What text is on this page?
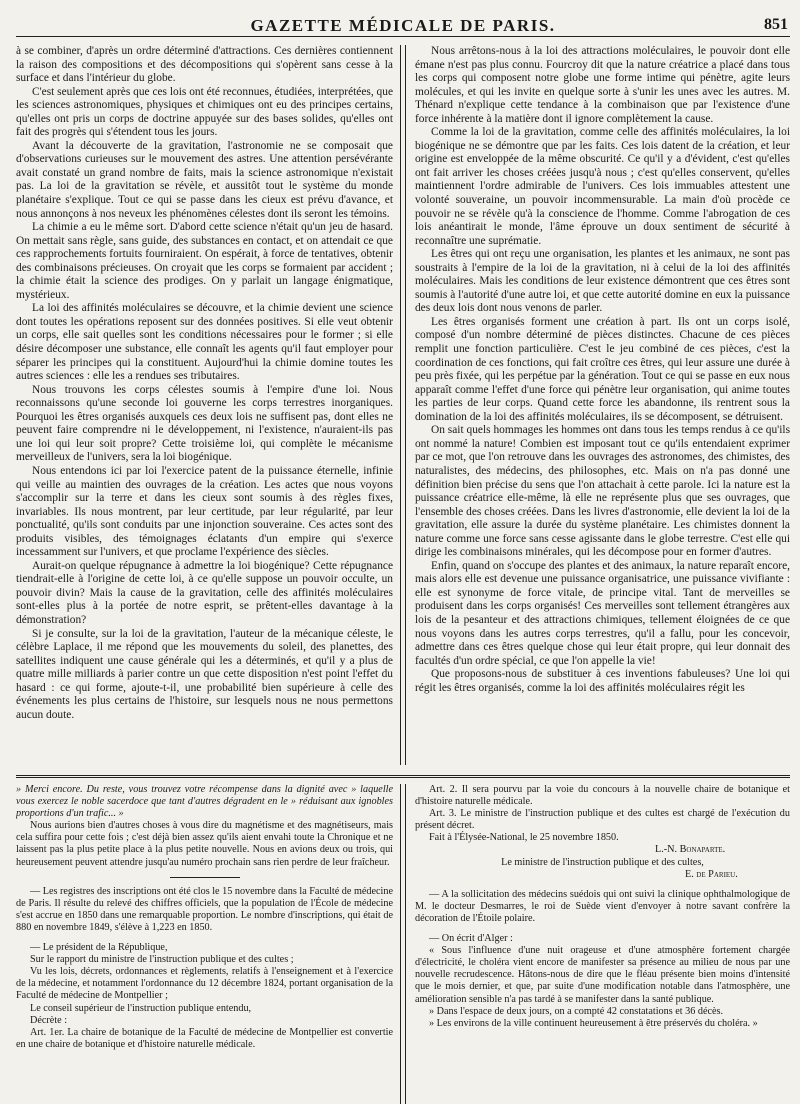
GAZETTE MÉDICALE DE PARIS.	851

à se combiner, d'après un ordre déterminé d'attractions. Ces dernières contiennent la raison des compositions et des décompositions qui s'opèrent sans cesse à la surface et dans l'intérieur du globe.

C'est seulement après que ces lois ont été reconnues, étudiées, interprétées, que les sciences astronomiques, physiques et chimiques ont eu des principes certains, qu'elles ont pris un corps de doctrine appuyée sur des bases solides, qu'elles ont fait des progrès qui s'étendent tous les jours.

Avant la découverte de la gravitation, l'astronomie ne se composait que d'observations curieuses sur le mouvement des astres. Une attention persévérante avait constaté un grand nombre de faits, mais la science astronomique n'existait pas. La loi de la gravitation se révèle, et aussitôt tout le système du monde planétaire s'explique. Tout ce qui se passe dans les cieux est prévu d'avance, et nous annonçons à nos neveux les phénomènes célestes dont ils seront les témoins.

La chimie a eu le même sort. D'abord cette science n'était qu'un jeu de hasard. On mettait sans règle, sans guide, des substances en contact, et on attendait ce que ces rapprochements fortuits fourniraient. On espérait, à force de tentatives, obtenir des combinaisons précieuses. On croyait que les corps se formaient par accident ; la chimie était la science des prodiges. On y parlait un langage énigmatique, mystérieux.

La loi des affinités moléculaires se découvre, et la chimie devient une science dont toutes les opérations reposent sur des données positives. Si elle veut obtenir un corps, elle sait quelles sont les conditions nécessaires pour le former ; si elle désire décomposer une substance, elle connaît les agents qu'il faut employer pour séparer les principes qui la constituent. Aujourd'hui la chimie domine toutes les autres sciences : elle les a rendues ses tributaires.

Nous trouvons les corps célestes soumis à l'empire d'une loi. Nous reconnaissons qu'une seconde loi gouverne les corps terrestres inorganiques. Pourquoi les êtres organisés auxquels ces deux lois ne suffisent pas, dont elles ne peuvent faire comprendre ni le développement, ni l'existence, n'auraient-ils pas une loi qui leur soit propre? Cette troisième loi, qui complète le mécanisme merveilleux de l'univers, sera la loi biogénique.

Nous entendons ici par loi l'exercice patent de la puissance éternelle, infinie qui veille au maintien des ouvrages de la création. Les actes que nous voyons s'accomplir sur la terre et dans les cieux sont soumis à des règles fixes, invariables. Ils nous montrent, par leur certitude, par leur régularité, par leur ponctualité, qu'ils sont conduits par une injonction souveraine. Ces actes sont des produits visibles, des témoignages éclatants d'un empire qui s'exerce incessamment sur l'univers, et que proclame l'expérience des siècles.

Aurait-on quelque répugnance à admettre la loi biogénique? Cette répugnance tiendrait-elle à l'origine de cette loi, à ce qu'elle suppose un pouvoir occulte, un pouvoir divin? Mais la cause de la gravitation, celle des affinités moléculaires sont-elles plus à la portée de notre esprit, se prêtent-elles davantage à la démonstration?

Si je consulte, sur la loi de la gravitation, l'auteur de la mécanique céleste, le célèbre Laplace, il me répond que les mouvements du soleil, des planettes, des satellites indiquent une cause générale qui les a déterminés, et qu'il y a plus de quatre mille milliards à parier contre un que cette disposition n'est point l'effet du hasard : ce qui forme, ajoute-t-il, une probabilité bien supérieure à celle des événements les plus certains de l'histoire, sur lesquels nous ne nous permettons aucun doute.

Nous arrêtons-nous à la loi des attractions moléculaires, le pouvoir dont elle émane n'est pas plus connu. Fourcroy dit que la nature créatrice a placé dans tous les corps qui composent notre globe une forme intime qui pénètre, agite leurs molécules, et qui les invite en quelque sorte à s'unir les unes avec les autres. M. Thénard n'explique cette tendance à la combinaison que par l'existence d'une force inhérente à la matière dont il ignore complètement la cause.

Comme la loi de la gravitation, comme celle des affinités moléculaires, la loi biogénique ne se démontre que par les faits. Ces lois datent de la création, et leur origine est enveloppée de la même obscurité. Ce qu'il y a d'évident, c'est qu'elles ont fait arriver les choses créées jusqu'à nous ; c'est qu'elles conservent, qu'elles maintiennent l'ordre admirable de l'univers. Ces lois immuables attestent une volonté souveraine, un pouvoir incommensurable. La main d'où procède ce pouvoir ne se révèle qu'à la conscience de l'homme. Comme l'abrogation de ces lois anéantirait le monde, l'âme éprouve un doux sentiment de sécurité à reconnaître une suprématie.

Les êtres qui ont reçu une organisation, les plantes et les animaux, ne sont pas soustraits à l'empire de la loi de la gravitation, ni à celui de la loi des affinités moléculaires. Mais les conditions de leur existence démontrent que ces êtres sont soumis à l'autorité d'une autre loi, et que cette autorité domine en eux la puissance des deux lois dont nous venons de parler.

Les êtres organisés forment une création à part. Ils ont un corps isolé, composé d'un nombre déterminé de pièces distinctes. Chacune de ces pièces remplit une fonction particulière. C'est le jeu combiné de ces pièces, c'est la coordination de ces fonctions, qui fait croître ces êtres, qui leur assure une durée à peu près fixée, qui les perpétue par la génération. Tout ce qui se passe en eux nous apparaît comme l'effet d'une force qui pénètre leur organisation, qui anime toutes les parties de leur corps. Quand cette force les abandonne, ils rentrent sous la domination de la loi des affinités moléculaires, ils se décomposent, se détruisent.

On sait quels hommages les hommes ont dans tous les temps rendus à ce qu'ils ont nommé la nature! Combien est imposant tout ce qu'ils entendaient exprimer par ce mot, que l'on retrouve dans les ouvrages des astronomes, des chimistes, des naturalistes, des médecins, des philosophes, etc. Mais on n'a pas donné une définition bien précise du sens que l'on attachait à cette parole. Ici la nature est la puissance créatrice elle-même, là elle ne représente plus que ses ouvrages, que l'ensemble des choses créées. Dans les livres d'astronomie, elle devient la loi de la gravitation, elle assure la durée du système planétaire. Les chimistes donnent la nature comme une force sans cesse agissante dans le globe terrestre. C'est elle qui dirige les combinaisons minérales, qui les décompose pour en former d'autres.

Enfin, quand on s'occupe des plantes et des animaux, la nature reparaît encore, mais alors elle est devenue une puissance organisatrice, une puissance vivifiante : elle est synonyme de force vitale, de principe vital. Tant de merveilles se produisent dans les corps organisés! Ces merveilles sont tellement étrangères aux lois de la pesanteur et des attractions chimiques, tellement éloignées de ce que nous voyons dans les autres corps terrestres, qu'il a fallu, pour les concevoir, admettre dans ces êtres quelque chose qui leur était propre, qui leur donnait des facultés d'un ordre spécial, ce que l'on appelle la vie!

Que proposons-nous de substituer à ces inventions fabuleuses? Une loi qui régit les êtres organisés, comme la loi des affinités moléculaires régit les

» Merci encore. Du reste, vous trouvez votre récompense dans la dignité avec » laquelle vous exercez le noble sacerdoce que tant d'autres dégradent en le » réduisant aux ignobles proportions d'un trafic... »

Nous aurions bien d'autres choses à vous dire du magnétisme et des magnétiseurs, mais cela suffira pour cette fois ; c'est déjà bien assez qu'ils aient envahi toute la Chronique et ne laissent pas la plus petite place à la plus petite nouvelle. Nous en avions deux ou trois, qui heureusement peuvent attendre jusqu'au numéro prochain sans rien perdre de leur fraîcheur.

— Les registres des inscriptions ont été clos le 15 novembre dans la Faculté de médecine de Paris. Il résulte du relevé des chiffres officiels, que la population de l'École de médecine s'est accrue en 1850 dans une remarquable proportion. Le nombre d'inscriptions, qui était de 880 en novembre 1849, s'élève à 1,223 en 1850.

— Le président de la République,

Sur le rapport du ministre de l'instruction publique et des cultes ;

Vu les lois, décrets, ordonnances et règlements, relatifs à l'enseignement et à l'exercice de la médecine, et notamment l'ordonnance du 12 décembre 1824, portant organisation de la Faculté de médecine de Montpellier ;

Le conseil supérieur de l'instruction publique entendu,

Décrète :

Art. 1er. La chaire de botanique de la Faculté de médecine de Montpellier est convertie en une chaire de botanique et d'histoire naturelle médicale.

Art. 2. Il sera pourvu par la voie du concours à la nouvelle chaire de botanique et d'histoire naturelle médicale.

Art. 3. Le ministre de l'instruction publique et des cultes est chargé de l'exécution du présent décret.

Fait à l'Élysée-National, le 25 novembre 1850.

L.-N. Bonaparte.

Le ministre de l'instruction publique et des cultes,

E. de Parieu.

— A la sollicitation des médecins suédois qui ont suivi la clinique ophthalmologique de M. le docteur Desmarres, le roi de Suède vient d'envoyer à notre savant confrère la décoration de l'Étoile polaire.

— On écrit d'Alger :

« Sous l'influence d'une nuit orageuse et d'une atmosphère fortement chargée d'électricité, le choléra vient encore de manifester sa présence au milieu de nous par une nouvelle recrudescence. Hâtons-nous de dire que le fléau présente bien moins d'intensité que le mois dernier, et que, par suite d'une modification notable dans l'atmosphère, une amélioration sensible n'a pas tardé à se manifester dans la santé publique.

» Dans l'espace de deux jours, on a compté 42 constatations et 36 décès.

» Les environs de la ville continuent heureusement à être préservés du choléra. »
